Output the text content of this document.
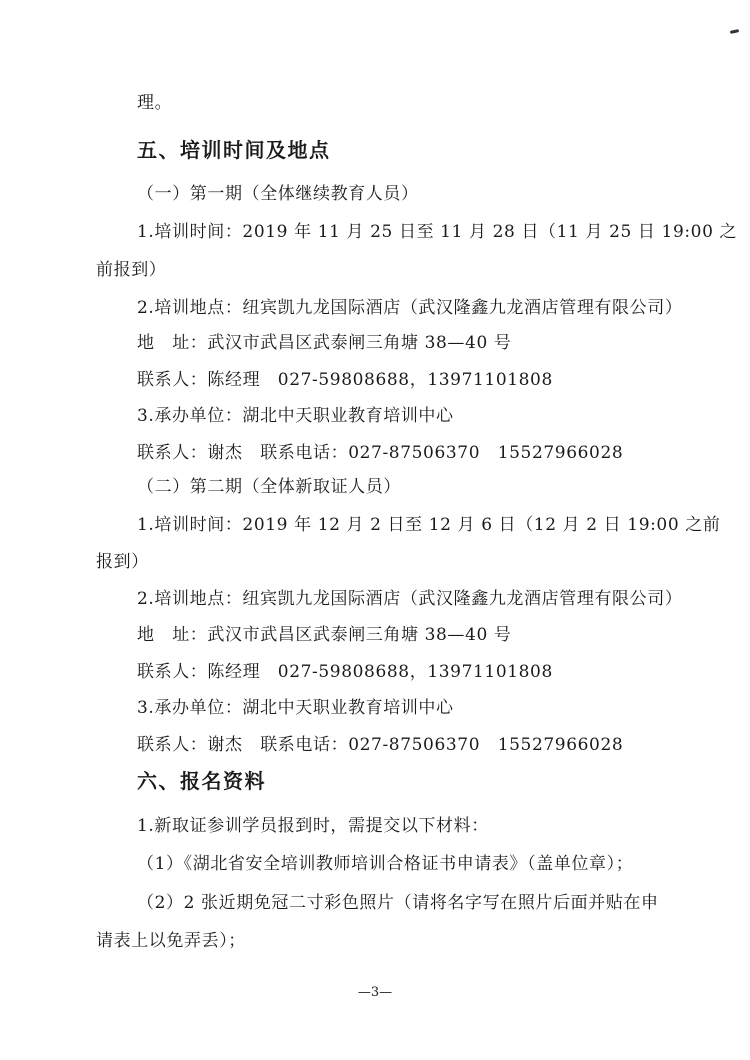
理。
五、培训时间及地点
（一）第一期（全体继续教育人员）
1.培训时间：2019 年 11 月 25 日至 11 月 28 日（11 月 25 日 19:00 之
前报到）
2.培训地点：纽宾凯九龙国际酒店（武汉隆鑫九龙酒店管理有限公司）
地　址：武汉市武昌区武泰闸三角塘 38—40 号
联系人：陈经理　027-59808688，13971101808
3.承办单位：湖北中天职业教育培训中心
联系人：谢杰　联系电话：027-87506370　15527966028
（二）第二期（全体新取证人员）
1.培训时间：2019 年 12 月 2 日至 12 月 6 日（12 月 2 日 19:00 之前
报到）
2.培训地点：纽宾凯九龙国际酒店（武汉隆鑫九龙酒店管理有限公司）
地　址：武汉市武昌区武泰闸三角塘 38—40 号
联系人：陈经理　027-59808688，13971101808
3.承办单位：湖北中天职业教育培训中心
联系人：谢杰　联系电话：027-87506370　15527966028
六、报名资料
1.新取证参训学员报到时，需提交以下材料：
（1）《湖北省安全培训教师培训合格证书申请表》（盖单位章）；
（2）2 张近期免冠二寸彩色照片（请将名字写在照片后面并贴在申
请表上以免弄丢）；
—3—
